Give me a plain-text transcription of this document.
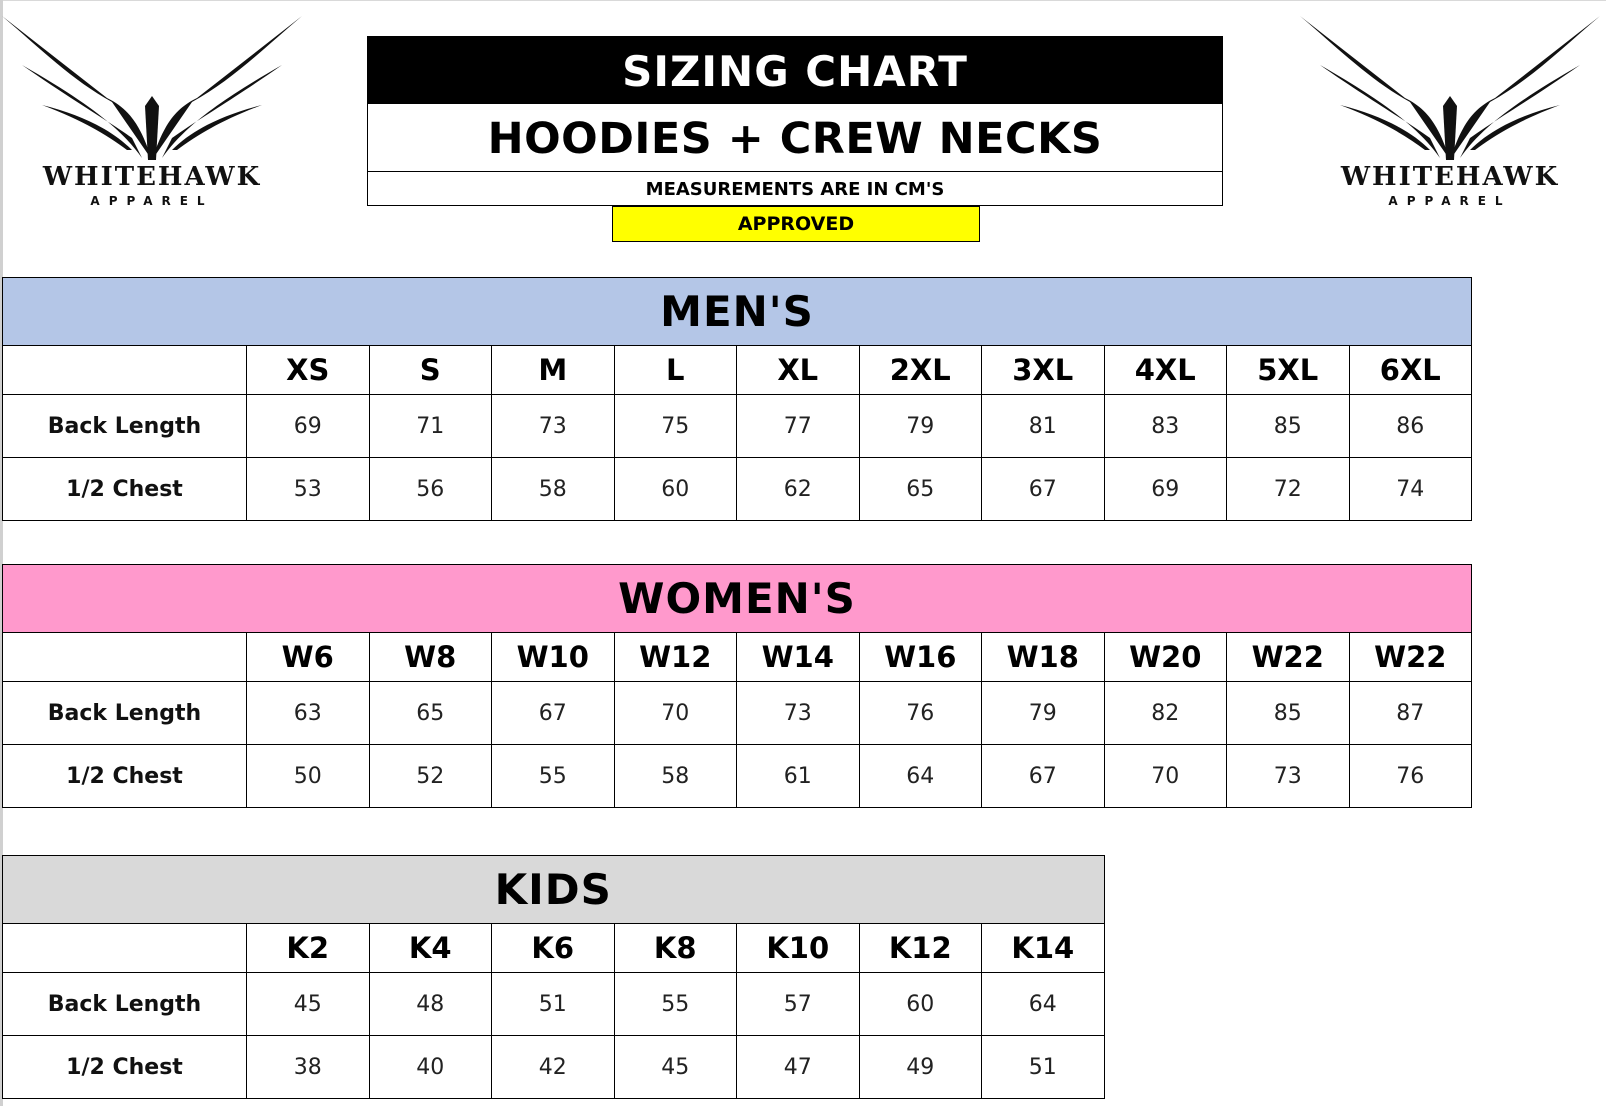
WHITEHAWK
APPAREL
WHITEHAWK
APPAREL
SIZING CHART
HOODIES + CREW NECKS
MEASUREMENTS ARE IN CM'S
APPROVED
MEN'S										
	XS	S	M	L	XL	2XL	3XL	4XL	5XL	6XL
Back Length	69	71	73	75	77	79	81	83	85	86
1/2 Chest	53	56	58	60	62	65	67	69	72	74
WOMEN'S										
	W6	W8	W10	W12	W14	W16	W18	W20	W22	W22
Back Length	63	65	67	70	73	76	79	82	85	87
1/2 Chest	50	52	55	58	61	64	67	70	73	76
KIDS							
	K2	K4	K6	K8	K10	K12	K14
Back Length	45	48	51	55	57	60	64
1/2 Chest	38	40	42	45	47	49	51
